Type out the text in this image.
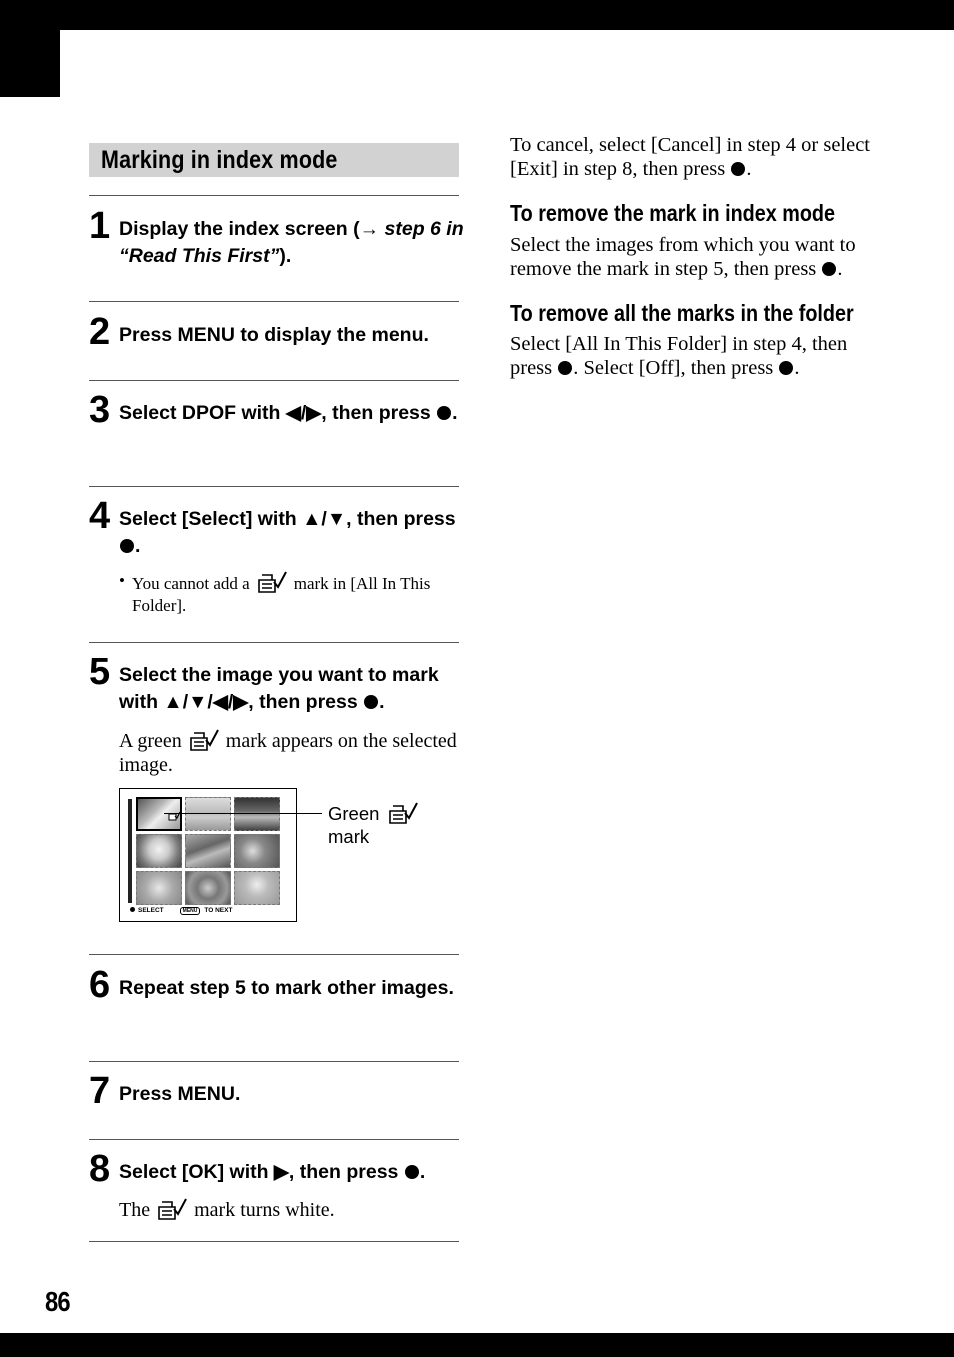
86
Marking in index mode
1 Display the index screen (→ step 6 in “Read This First”).
2 Press MENU to display the menu.
3 Select DPOF with ◀/▶, then press .
4 Select [Select] with ▲/▼, then press .
• You cannot add a	mark in [All In This Folder].
5 Select the image you want to mark with ▲/▼/◀/▶, then press .
A green mark appears on the selected image.
SELECT	MENU TO NEXT
Green
mark
6 Repeat step 5 to mark other images.
7 Press MENU.
8 Select [OK] with ▶, then press .
The mark turns white.
To cancel, select [Cancel] in step 4 or select [Exit] in step 8, then press .
To remove the mark in index mode
Select the images from which you want to remove the mark in step 5, then press .
To remove all the marks in the folder
Select [All In This Folder] in step 4, then press . Select [Off], then press .
